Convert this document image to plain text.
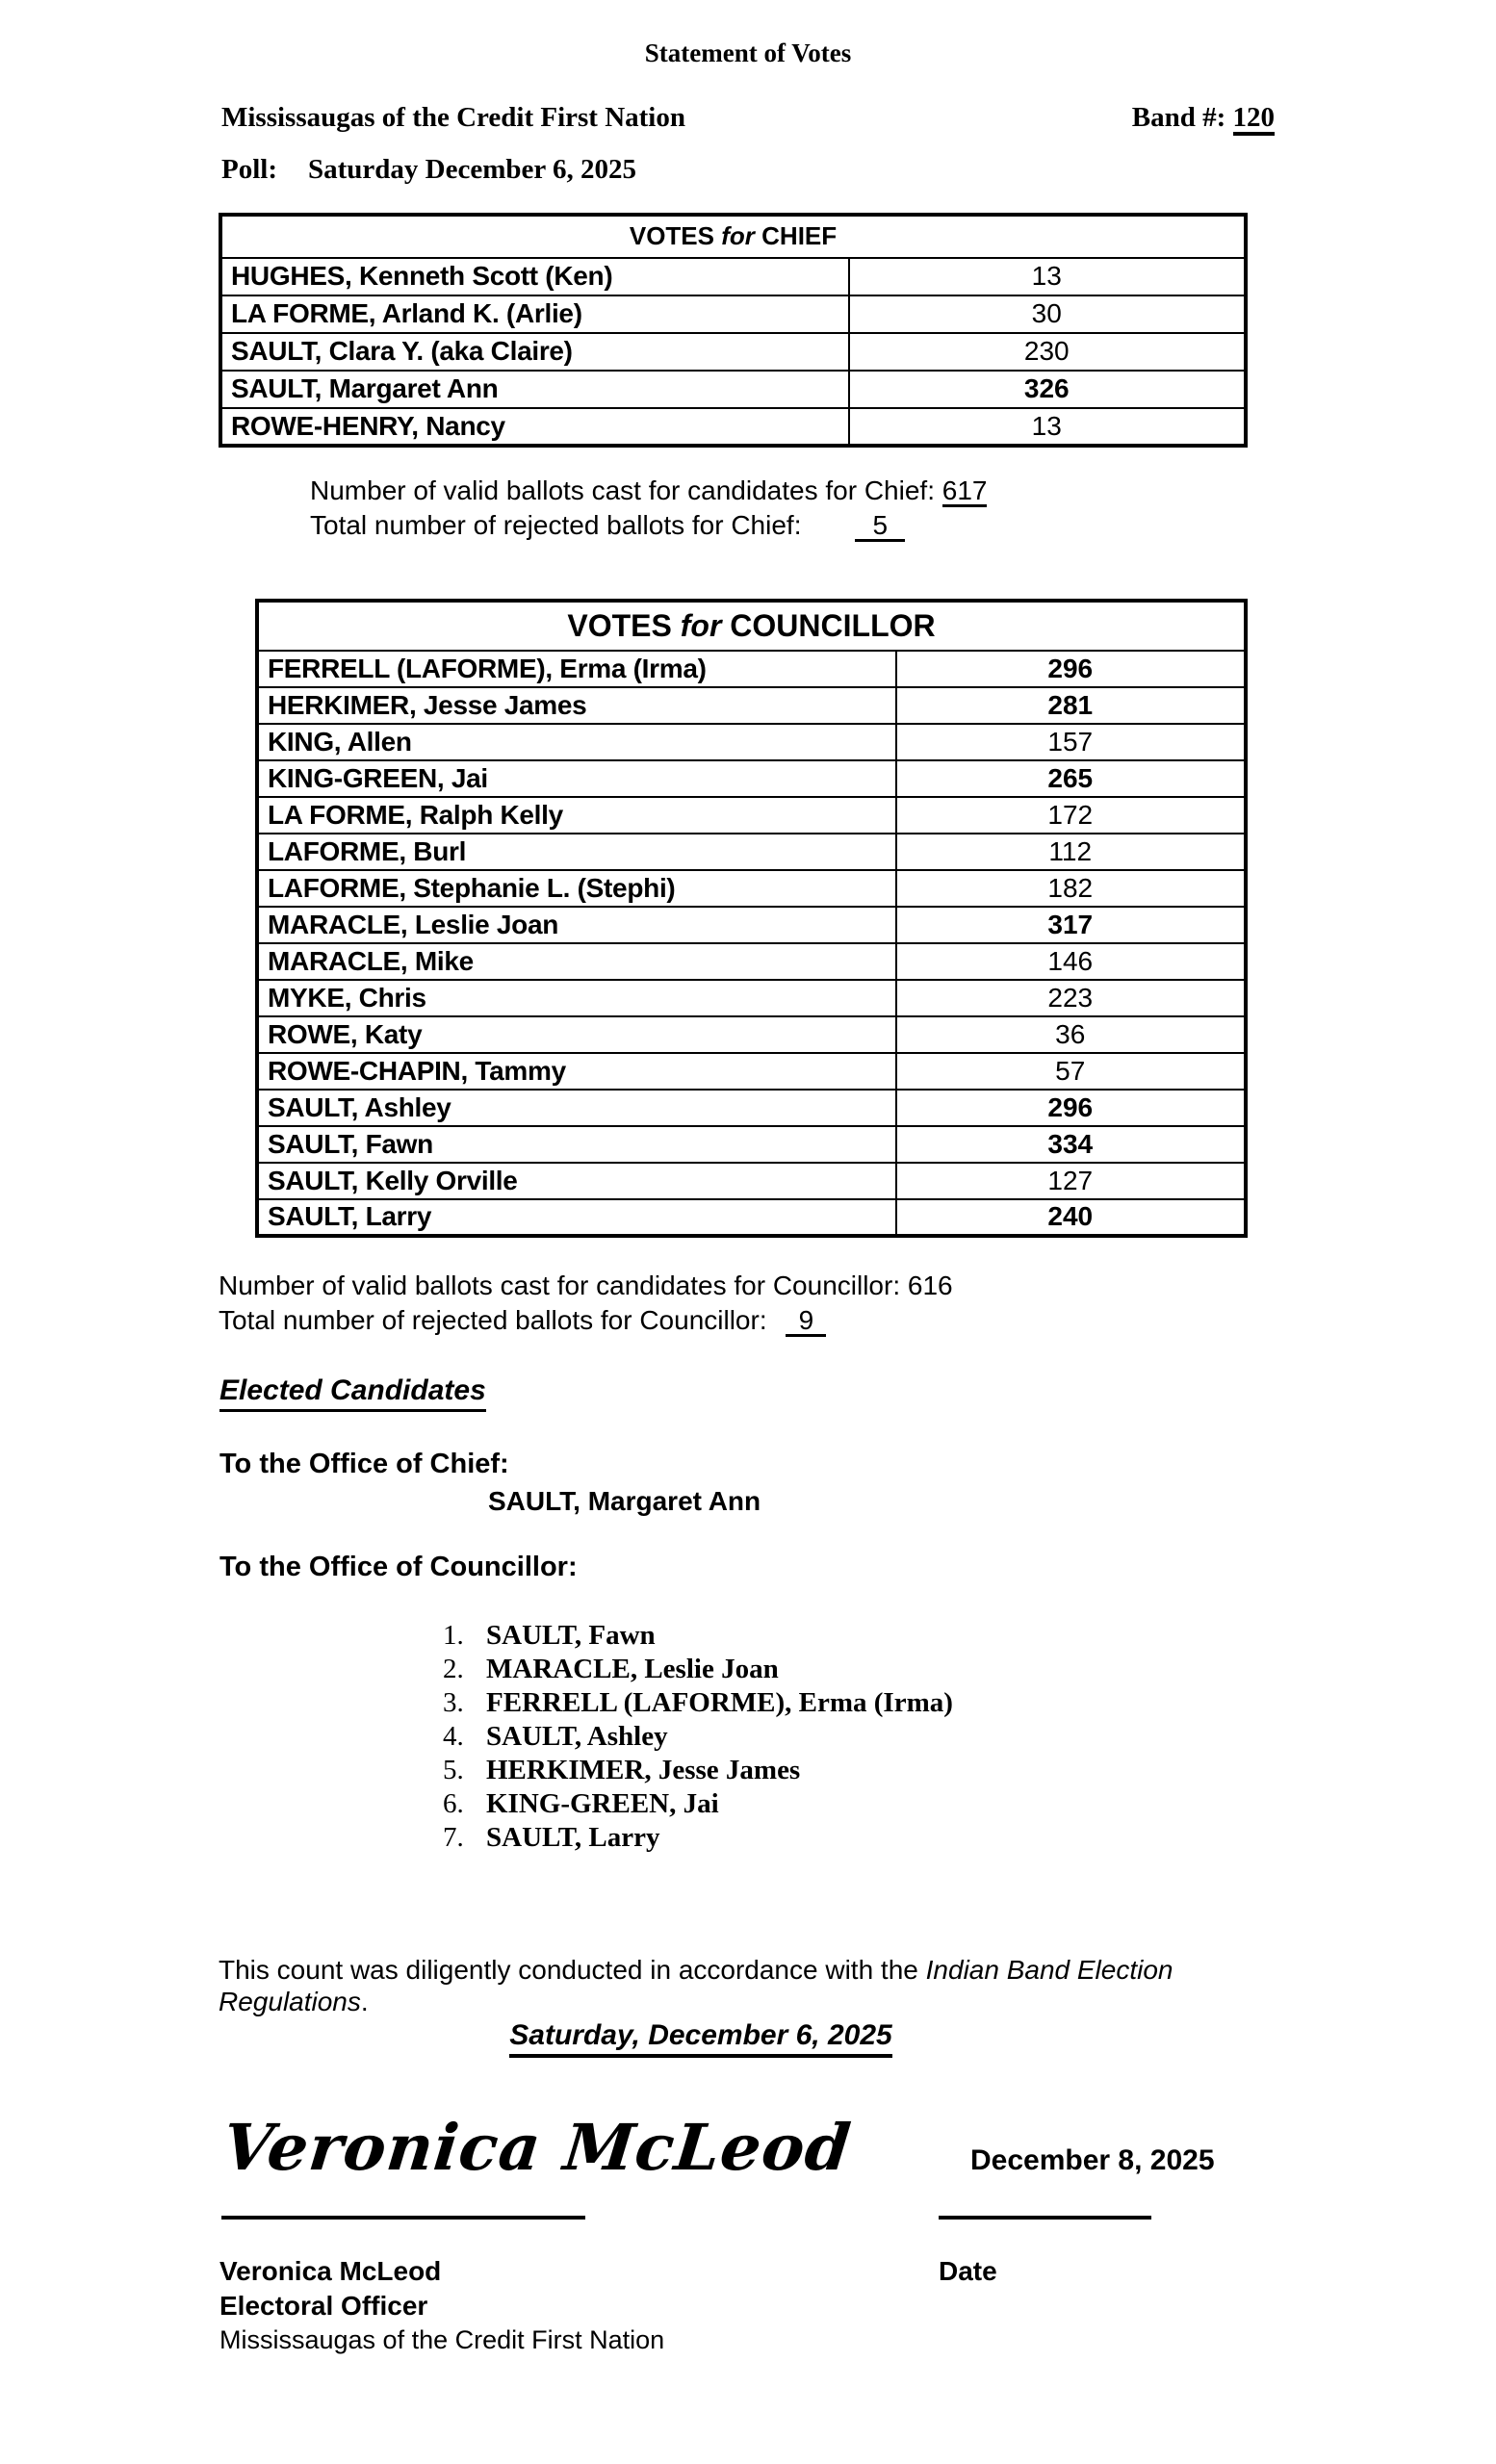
Statement of Votes
Mississaugas of the Credit First Nation	Band #: 120
Poll: Saturday December 6, 2025
VOTES for CHIEF	
HUGHES, Kenneth Scott (Ken)	13
LA FORME, Arland K. (Arlie)	30
SAULT, Clara Y. (aka Claire)	230
SAULT, Margaret Ann	326
ROWE-HENRY, Nancy	13
Number of valid ballots cast for candidates for Chief: 617
Total number of rejected ballots for Chief:	5
VOTES for COUNCILLOR	
FERRELL (LAFORME), Erma (Irma)	296
HERKIMER, Jesse James	281
KING, Allen	157
KING-GREEN, Jai	265
LA FORME, Ralph Kelly	172
LAFORME, Burl	112
LAFORME, Stephanie L. (Stephi)	182
MARACLE, Leslie Joan	317
MARACLE, Mike	146
MYKE, Chris	223
ROWE, Katy	36
ROWE-CHAPIN, Tammy	57
SAULT, Ashley	296
SAULT, Fawn	334
SAULT, Kelly Orville	127
SAULT, Larry	240
Number of valid ballots cast for candidates for Councillor: 616
Total number of rejected ballots for Councillor: 9
Elected Candidates
To the Office of Chief:
SAULT, Margaret Ann
To the Office of Councillor:
1. SAULT, Fawn
2. MARACLE, Leslie Joan
3. FERRELL (LAFORME), Erma (Irma)
4. SAULT, Ashley
5. HERKIMER, Jesse James
6. KING-GREEN, Jai
7. SAULT, Larry
This count was diligently conducted in accordance with the Indian Band Election
Regulations.
Saturday, December 6, 2025
Veronica McLeod	December 8, 2025
Veronica McLeod
Electoral Officer
Mississaugas of the Credit First Nation
Date
